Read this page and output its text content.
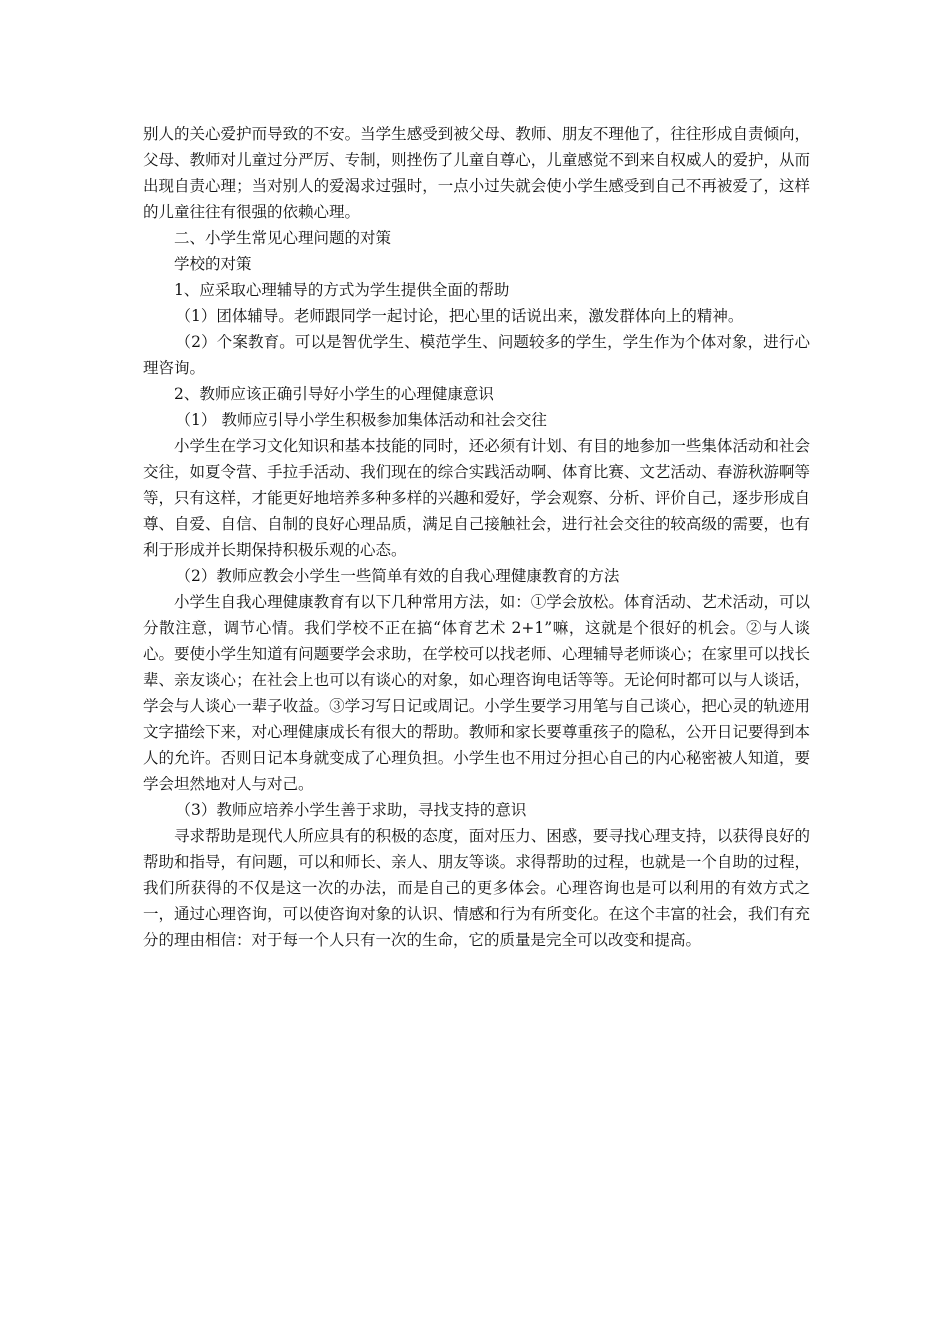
别人的关心爱护而导致的不安。当学生感受到被父母、教师、朋友不理他了，往往形成自责倾向，父母、教师对儿童过分严厉、专制，则挫伤了儿童自尊心，儿童感觉不到来自权威人的爱护，从而出现自责心理；当对别人的爱渴求过强时，一点小过失就会使小学生感受到自己不再被爱了，这样的儿童往往有很强的依赖心理。

二、小学生常见心理问题的对策

学校的对策

1、应采取心理辅导的方式为学生提供全面的帮助

（1）团体辅导。老师跟同学一起讨论，把心里的话说出来，激发群体向上的精神。

（2）个案教育。可以是智优学生、模范学生、问题较多的学生，学生作为个体对象，进行心理咨询。

2、教师应该正确引导好小学生的心理健康意识

（1） 教师应引导小学生积极参加集体活动和社会交往

小学生在学习文化知识和基本技能的同时，还必须有计划、有目的地参加一些集体活动和社会交往，如夏令营、手拉手活动、我们现在的综合实践活动啊、体育比赛、文艺活动、春游秋游啊等等，只有这样，才能更好地培养多种多样的兴趣和爱好，学会观察、分析、评价自己，逐步形成自尊、自爱、自信、自制的良好心理品质，满足自己接触社会，进行社会交往的较高级的需要，也有利于形成并长期保持积极乐观的心态。

（2）教师应教会小学生一些简单有效的自我心理健康教育的方法

小学生自我心理健康教育有以下几种常用方法，如：①学会放松。体育活动、艺术活动，可以分散注意，调节心情。我们学校不正在搞“体育艺术 2+1”嘛，这就是个很好的机会。②与人谈心。要使小学生知道有问题要学会求助，在学校可以找老师、心理辅导老师谈心；在家里可以找长辈、亲友谈心；在社会上也可以有谈心的对象，如心理咨询电话等等。无论何时都可以与人谈话，学会与人谈心一辈子收益。③学习写日记或周记。小学生要学习用笔与自己谈心，把心灵的轨迹用文字描绘下来，对心理健康成长有很大的帮助。教师和家长要尊重孩子的隐私，公开日记要得到本人的允许。否则日记本身就变成了心理负担。小学生也不用过分担心自己的内心秘密被人知道，要学会坦然地对人与对己。

（3）教师应培养小学生善于求助，寻找支持的意识

寻求帮助是现代人所应具有的积极的态度，面对压力、困惑，要寻找心理支持，以获得良好的帮助和指导，有问题，可以和师长、亲人、朋友等谈。求得帮助的过程，也就是一个自助的过程，我们所获得的不仅是这一次的办法，而是自己的更多体会。心理咨询也是可以利用的有效方式之一，通过心理咨询，可以使咨询对象的认识、情感和行为有所变化。在这个丰富的社会，我们有充分的理由相信：对于每一个人只有一次的生命，它的质量是完全可以改变和提高。
